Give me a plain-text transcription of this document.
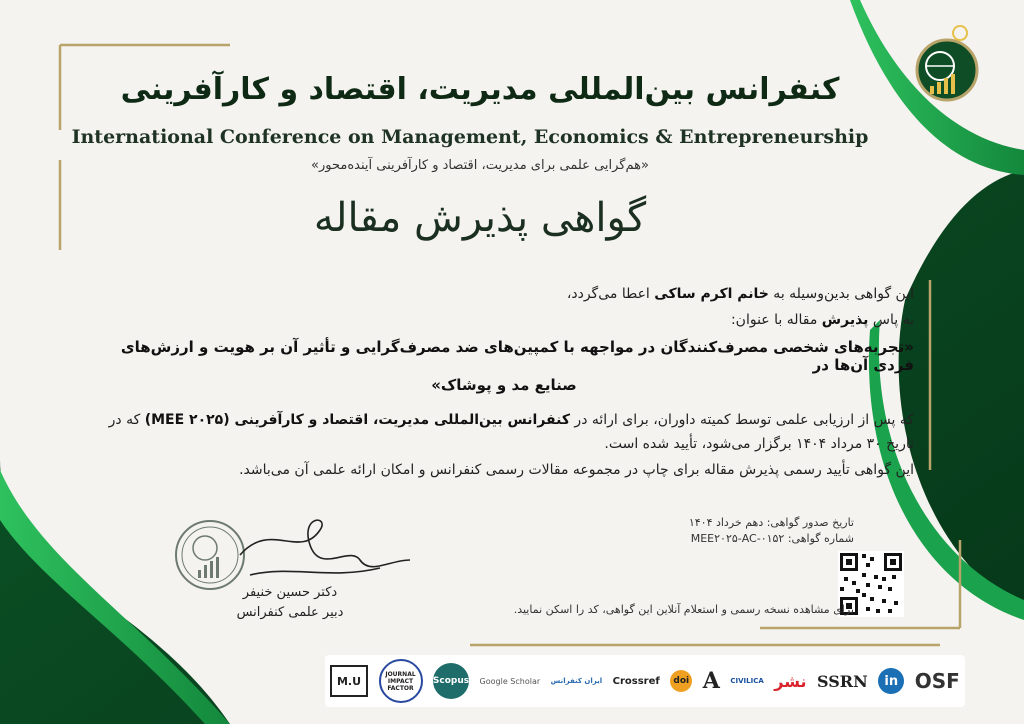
کنفرانس بین‌المللی مدیریت، اقتصاد و کارآفرینی
International Conference on Management, Economics & Entrepreneurship
«هم‌گرایی علمی برای مدیریت، اقتصاد و کارآفرینی آینده‌محور»
گواهی پذیرش مقاله
این گواهی بدین‌وسیله به خانم اکرم ساکی اعطا می‌گردد،
به پاس پذیرش مقاله با عنوان:
«تجربه‌های شخصی مصرف‌کنندگان در مواجهه با کمپین‌های ضد مصرف‌گرایی و تأثیر آن بر هویت و ارزش‌های فردی آن‌ها در
صنایع مد و پوشاک»
که پس از ارزیابی علمی توسط کمیته داوران، برای ارائه در کنفرانس بین‌المللی مدیریت، اقتصاد و کارآفرینی (MEE ۲۰۲۵) که در
تاریخ ۳۰ مرداد ۱۴۰۴ برگزار می‌شود، تأیید شده است.
این گواهی تأیید رسمی پذیرش مقاله برای چاپ در مجموعه مقالات رسمی کنفرانس و امکان ارائه علمی آن می‌باشد.
تاریخ صدور گواهی: دهم خرداد ۱۴۰۴
شماره گواهی: MEE۲۰۲۵-AC-۰۱۵۲
برای مشاهده نسخه رسمی و استعلام آنلاین این گواهی، کد را اسکن نمایید.
دکتر حسین خنیفر
دبیر علمی کنفرانس
M.U
JOURNAL IMPACT FACTOR
Scopus Google Scholar ایران کنفرانس Crossref doi A CIVILICA نشر SSRN in OSF
